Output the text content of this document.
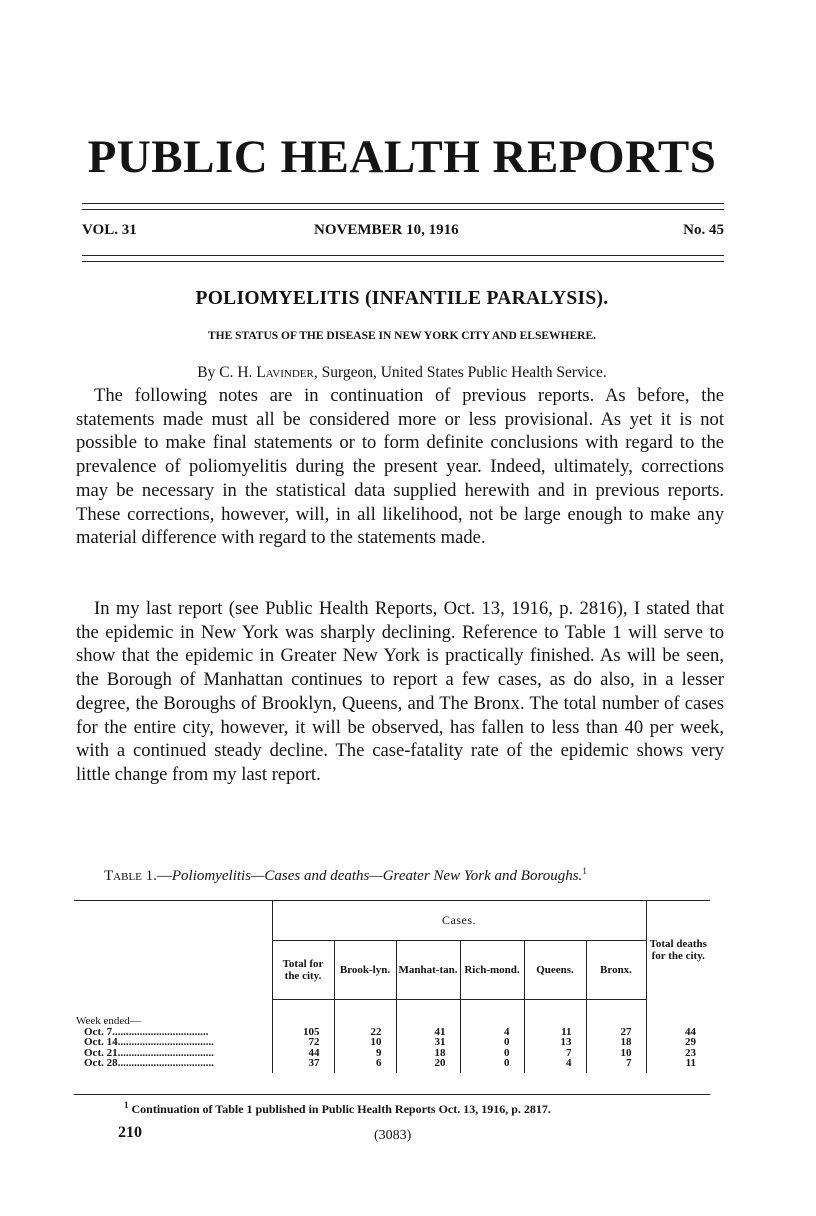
PUBLIC HEALTH REPORTS
VOL. 31	NOVEMBER 10, 1916	No. 45
POLIOMYELITIS (INFANTILE PARALYSIS).
THE STATUS OF THE DISEASE IN NEW YORK CITY AND ELSEWHERE.
By C. H. Lavinder, Surgeon, United States Public Health Service.

The following notes are in continuation of previous reports. As before, the statements made must all be considered more or less provisional. As yet it is not possible to make final statements or to form definite conclusions with regard to the prevalence of poliomyelitis during the present year. Indeed, ultimately, corrections may be necessary in the statistical data supplied herewith and in previous reports. These corrections, however, will, in all likelihood, not be large enough to make any material difference with regard to the statements made.

In my last report (see Public Health Reports, Oct. 13, 1916, p. 2816), I stated that the epidemic in New York was sharply declining. Reference to Table 1 will serve to show that the epidemic in Greater New York is practically finished. As will be seen, the Borough of Manhattan continues to report a few cases, as do also, in a lesser degree, the Boroughs of Brooklyn, Queens, and The Bronx. The total number of cases for the entire city, however, it will be observed, has fallen to less than 40 per week, with a continued steady decline. The case-fatality rate of the epidemic shows very little change from my last report.

Table 1.—Poliomyelitis—Cases and deaths—Greater New York and Boroughs.$^1$
	Cases.						Total deaths for the city.
	Total for the city.	Brook-lyn.	Manhat-tan.	Rich-mond.	Queens.	Bronx.	

Week ended—							

Oct. 7...................................	105	22	41	4	11	27	44

Oct. 14...................................	72	10	31	0	13	18	29

Oct. 21...................................	44	9	18	0	7	10	23

Oct. 28...................................	37	6	20	0	4	7	11
$^1$ Continuation of Table 1 published in Public Health Reports Oct. 13, 1916, p. 2817.
210	(3083)
